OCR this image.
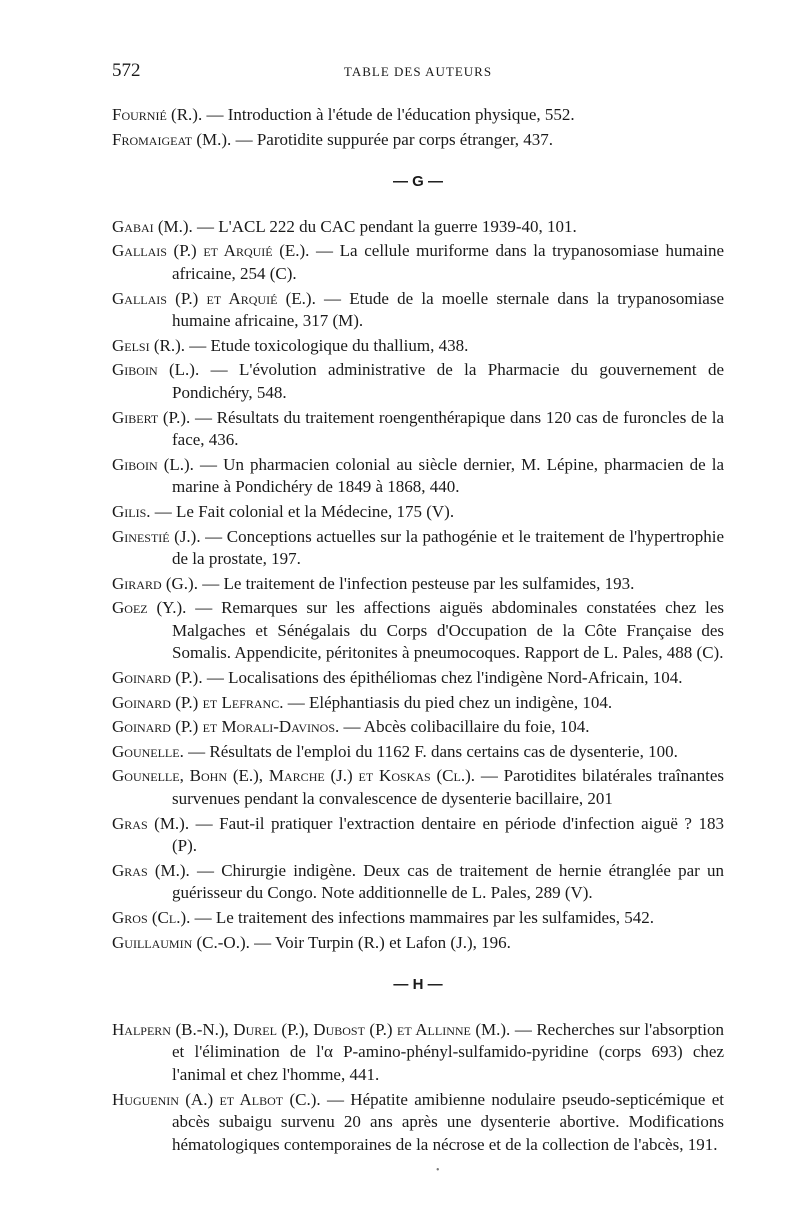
572	TABLE DES AUTEURS

Fournié (R.). — Introduction à l'étude de l'éducation physique, 552.

Fromaigeat (M.). — Parotidite suppurée par corps étranger, 437.

— G —

Gabai (M.). — L'ACL 222 du CAC pendant la guerre 1939-40, 101.

Gallais (P.) et Arquié (E.). — La cellule muriforme dans la trypanosomiase humaine africaine, 254 (C).

Gallais (P.) et Arquié (E.). — Etude de la moelle sternale dans la trypanosomiase humaine africaine, 317 (M).

Gelsi (R.). — Etude toxicologique du thallium, 438.

Giboin (L.). — L'évolution administrative de la Pharmacie du gouvernement de Pondichéry, 548.

Gibert (P.). — Résultats du traitement roengenthérapique dans 120 cas de furoncles de la face, 436.

Giboin (L.). — Un pharmacien colonial au siècle dernier, M. Lépine, pharmacien de la marine à Pondichéry de 1849 à 1868, 440.

Gilis. — Le Fait colonial et la Médecine, 175 (V).

Ginestié (J.). — Conceptions actuelles sur la pathogénie et le traitement de l'hypertrophie de la prostate, 197.

Girard (G.). — Le traitement de l'infection pesteuse par les sulfamides, 193.

Goez (Y.). — Remarques sur les affections aiguës abdominales constatées chez les Malgaches et Sénégalais du Corps d'Occupation de la Côte Française des Somalis. Appendicite, péritonites à pneumocoques. Rapport de L. Pales, 488 (C).

Goinard (P.). — Localisations des épithéliomas chez l'indigène Nord-Africain, 104.

Goinard (P.) et Lefranc. — Eléphantiasis du pied chez un indigène, 104.

Goinard (P.) et Morali-Davinos. — Abcès colibacillaire du foie, 104.

Gounelle. — Résultats de l'emploi du 1162 F. dans certains cas de dysenterie, 100.

Gounelle, Bohn (E.), Marche (J.) et Koskas (Cl.). — Parotidites bilatérales traînantes survenues pendant la convalescence de dysenterie bacillaire, 201

Gras (M.). — Faut-il pratiquer l'extraction dentaire en période d'infection aiguë ? 183 (P).

Gras (M.). — Chirurgie indigène. Deux cas de traitement de hernie étranglée par un guérisseur du Congo. Note additionnelle de L. Pales, 289 (V).

Gros (Cl.). — Le traitement des infections mammaires par les sulfamides, 542.

Guillaumin (C.-O.). — Voir Turpin (R.) et Lafon (J.), 196.

— H —

Halpern (B.-N.), Durel (P.), Dubost (P.) et Allinne (M.). — Recherches sur l'absorption et l'élimination de l'α P-amino-phényl-sulfamido-pyridine (corps 693) chez l'animal et chez l'homme, 441.

Huguenin (A.) et Albot (C.). — Hépatite amibienne nodulaire pseudo-septicémique et abcès subaigu survenu 20 ans après une dysenterie abortive. Modifications hématologiques contemporaines de la nécrose et de la collection de l'abcès, 191.

•
